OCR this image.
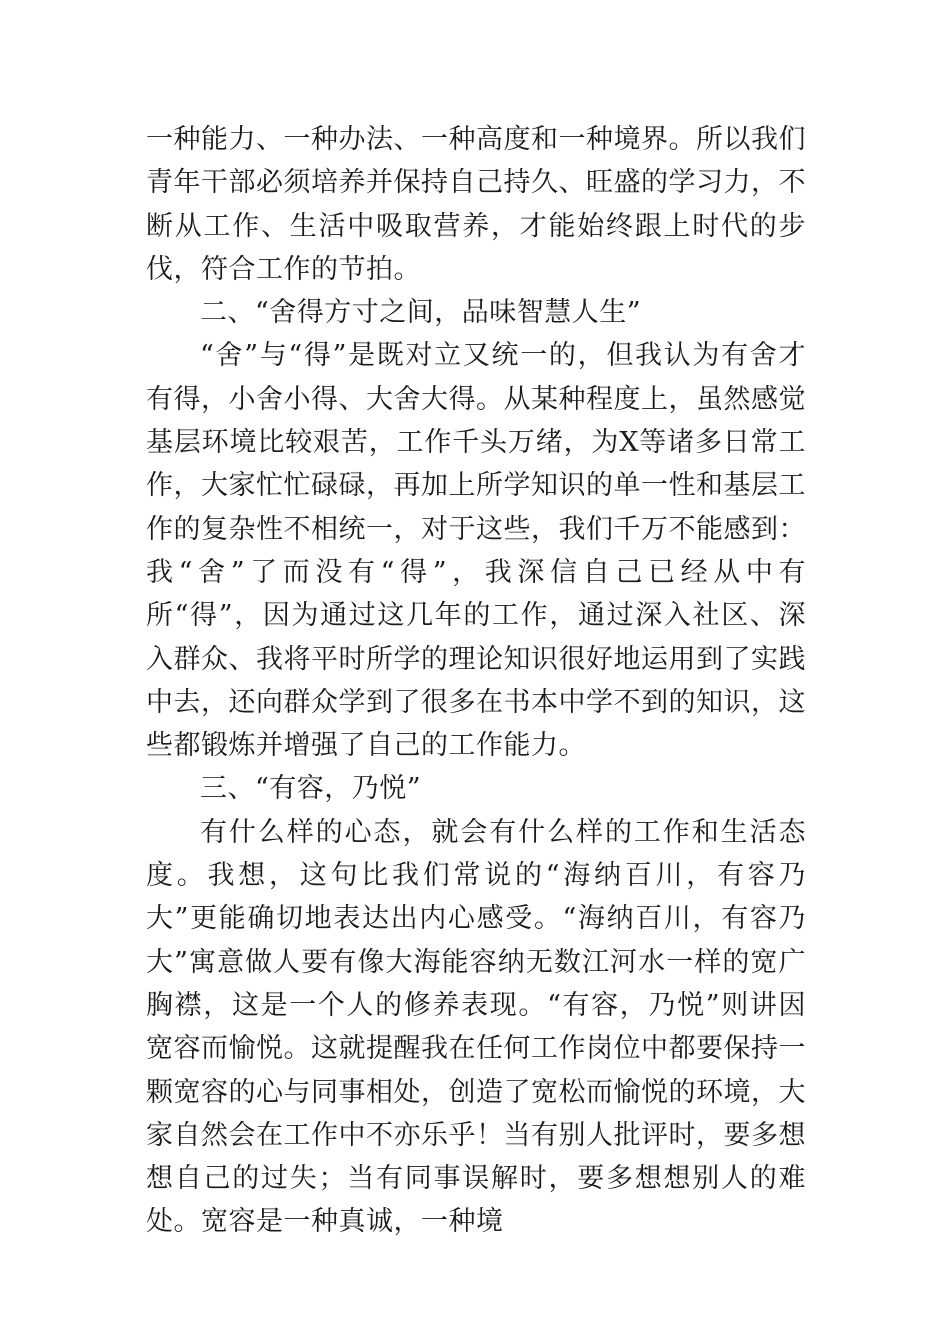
一种能力、一种办法、一种高度和一种境界。所以我们青年干部必须培养并保持自己持久、旺盛的学习力，不断从工作、生活中吸取营养，才能始终跟上时代的步伐，符合工作的节拍。

二、“舍得方寸之间，品味智慧人生”

“舍”与“得”是既对立又统一的，但我认为有舍才有得，小舍小得、大舍大得。从某种程度上，虽然感觉基层环境比较艰苦，工作千头万绪，为X等诸多日常工作，大家忙忙碌碌，再加上所学知识的单一性和基层工作的复杂性不相统一，对于这些，我们千万不能感到：我“舍”了而没有“得”，我深信自己已经从中有所“得”，因为通过这几年的工作，通过深入社区、深入群众、我将平时所学的理论知识很好地运用到了实践中去，还向群众学到了很多在书本中学不到的知识，这些都锻炼并增强了自己的工作能力。

三、“有容，乃悦”

有什么样的心态，就会有什么样的工作和生活态度。我想，这句比我们常说的“海纳百川，有容乃大”更能确切地表达出内心感受。“海纳百川，有容乃大”寓意做人要有像大海能容纳无数江河水一样的宽广胸襟，这是一个人的修养表现。“有容，乃悦”则讲因宽容而愉悦。这就提醒我在任何工作岗位中都要保持一颗宽容的心与同事相处，创造了宽松而愉悦的环境，大家自然会在工作中不亦乐乎！当有别人批评时，要多想想自己的过失；当有同事误解时，要多想想别人的难处。宽容是一种真诚，一种境
